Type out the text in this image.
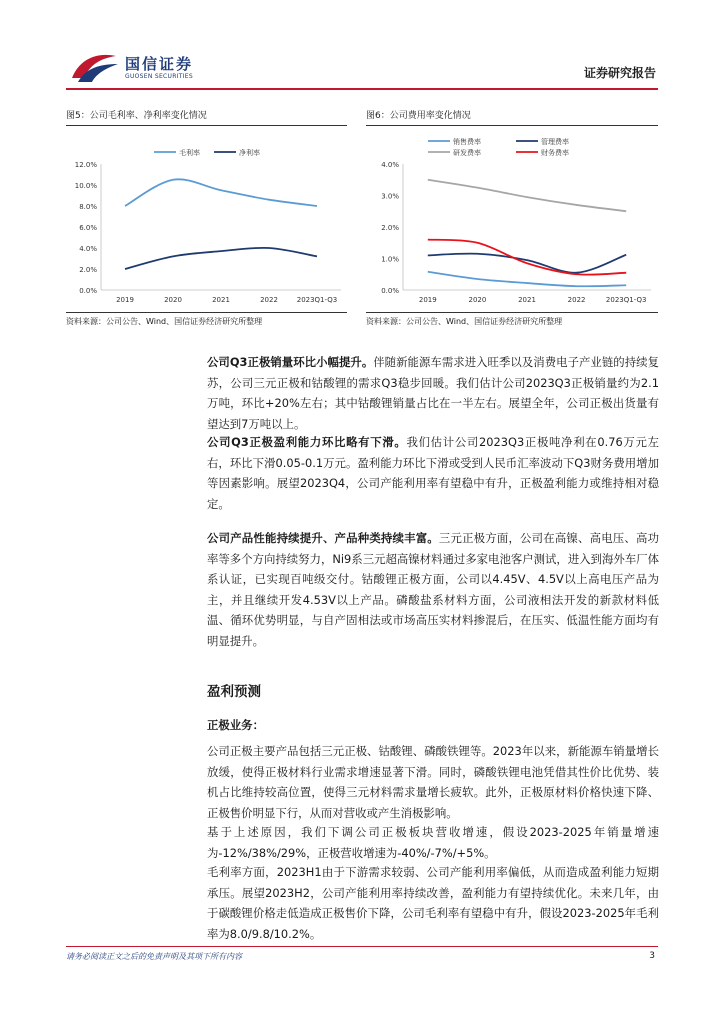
国信证券
GUOSEN SECURITIES	证券研究报告
图5：公司毛利率、净利率变化情况
0.0%
2.0%
4.0%
6.0%
8.0%
10.0%
12.0%
2019	2020	2021	2022	2023Q1-Q3
毛利率	净利率
资料来源：公司公告、Wind、国信证券经济研究所整理
图6：公司费用率变化情况
0.0%
1.0%
2.0%
3.0%
4.0%
2019	2020	2021	2022	2023Q1-Q3
销售费率	管理费率
研发费率	财务费率
资料来源：公司公告、Wind、国信证券经济研究所整理
公司Q3正极销量环比小幅提升。伴随新能源车需求进入旺季以及消费电子产业链的持续复苏，公司三元正极和钴酸锂的需求Q3稳步回暖。我们估计公司2023Q3正极销量约为2.1万吨，环比+20%左右；其中钴酸锂销量占比在一半左右。展望全年，公司正极出货量有望达到7万吨以上。
公司Q3正极盈利能力环比略有下滑。我们估计公司2023Q3正极吨净利在0.76万元左右，环比下滑0.05-0.1万元。盈利能力环比下滑或受到人民币汇率波动下Q3财务费用增加等因素影响。展望2023Q4，公司产能利用率有望稳中有升，正极盈利能力或维持相对稳定。
公司产品性能持续提升、产品种类持续丰富。三元正极方面，公司在高镍、高电压、高功率等多个方向持续努力，Ni9系三元超高镍材料通过多家电池客户测试，进入到海外车厂体系认证，已实现百吨级交付。钴酸锂正极方面，公司以4.45V、4.5V以上高电压产品为主，并且继续开发4.53V以上产品。磷酸盐系材料方面，公司液相法开发的新款材料低温、循环优势明显，与自产固相法或市场高压实材料掺混后，在压实、低温性能方面均有明显提升。
盈利预测
正极业务：
公司正极主要产品包括三元正极、钴酸锂、磷酸铁锂等。2023年以来，新能源车销量增长放缓，使得正极材料行业需求增速显著下滑。同时，磷酸铁锂电池凭借其性价比优势、装机占比维持较高位置，使得三元材料需求量增长疲软。此外，正极原材料价格快速下降、正极售价明显下行，从而对营收或产生消极影响。
基于上述原因，我们下调公司正极板块营收增速，假设2023-2025年销量增速为-12%/38%/29%，正极营收增速为-40%/-7%/+5%。
毛利率方面，2023H1由于下游需求较弱、公司产能利用率偏低，从而造成盈利能力短期承压。展望2023H2，公司产能利用率持续改善，盈利能力有望持续优化。未来几年，由于碳酸锂价格走低造成正极售价下降，公司毛利率有望稳中有升，假设2023-2025年毛利率为8.0/9.8/10.2%。
请务必阅读正文之后的免责声明及其项下所有内容	3
